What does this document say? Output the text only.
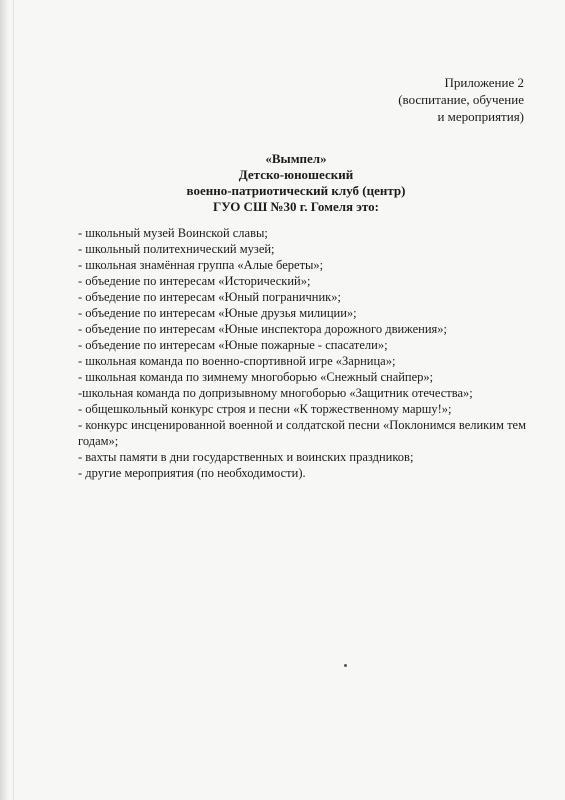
Приложение 2
(воспитание, обучение
и мероприятия)
«Вымпел»
Детско-юношеский
военно-патриотический клуб (центр)
ГУО СШ №30 г. Гомеля это:
- школьный музей Воинской славы;
- школьный политехнический музей;
- школьная знамённая группа «Алые береты»;
- объедение по интересам «Исторический»;
- объедение по интересам «Юный пограничник»;
- объедение по интересам «Юные друзья милиции»;
- объедение по интересам «Юные инспектора дорожного движения»;
- объедение по интересам «Юные пожарные - спасатели»;
- школьная команда по военно-спортивной игре «Зарница»;
- школьная команда по зимнему многоборью «Снежный снайпер»;
-школьная команда по допризывному многоборью «Защитник отечества»;
- общешкольный конкурс строя и песни «К торжественному маршу!»;
- конкурс инсценированной военной и солдатской песни «Поклонимся великим тем годам»;
- вахты памяти в дни государственных и воинских праздников;
- другие мероприятия (по необходимости).
